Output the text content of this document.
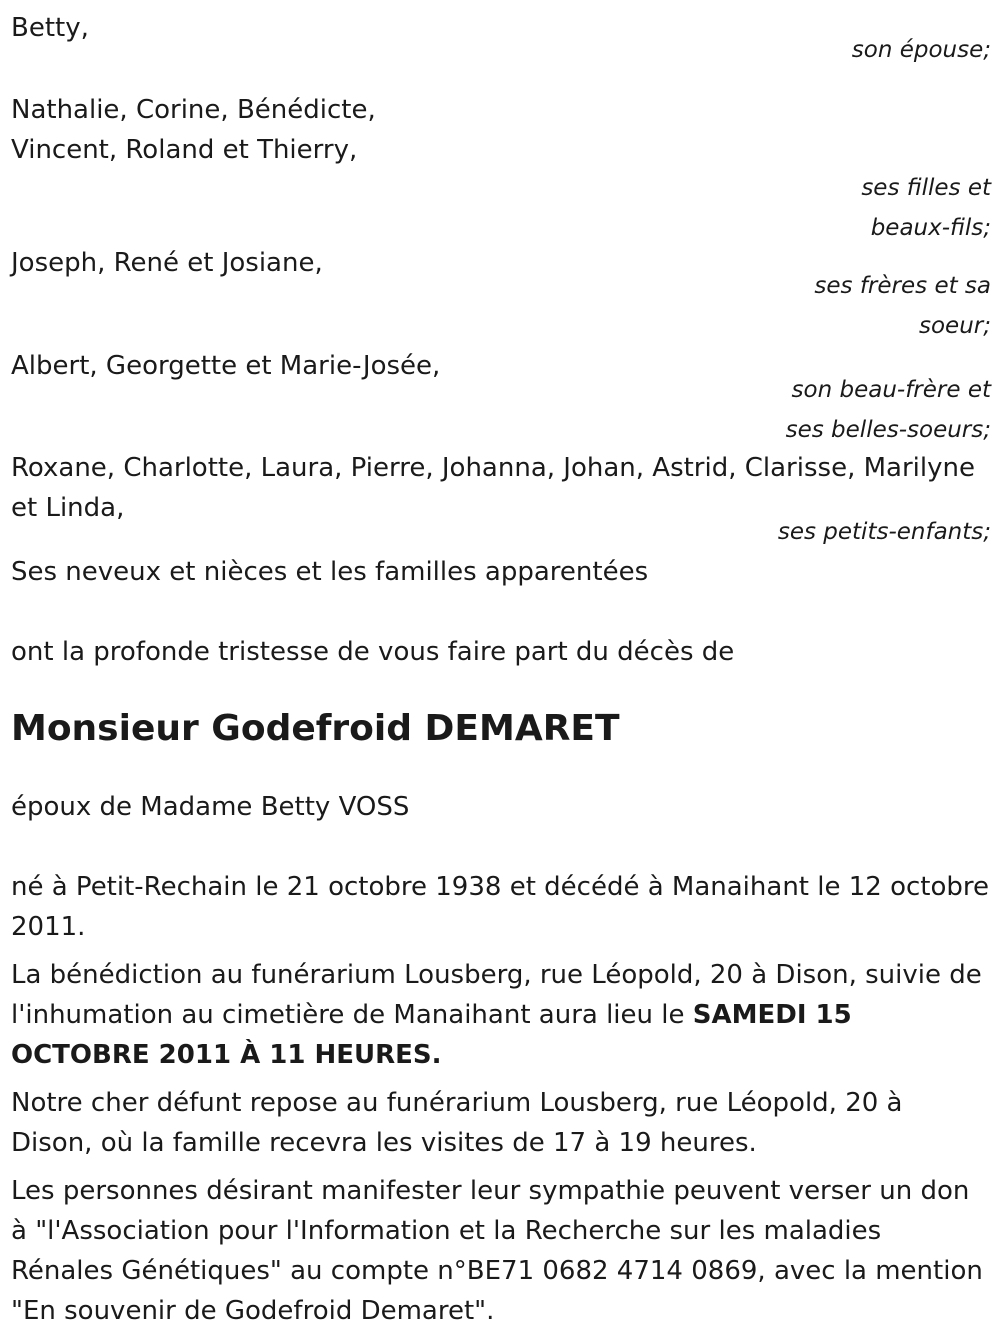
Betty,

son épouse;

Nathalie, Corine, Bénédicte,

Vincent, Roland et Thierry,

ses filles et

beaux-fils;

Joseph, René et Josiane,

ses frères et sa

soeur;

Albert, Georgette et Marie-Josée,

son beau-frère et

ses belles-soeurs;

Roxane, Charlotte, Laura, Pierre, Johanna, Johan, Astrid, Clarisse, Marilyne et Linda,

ses petits-enfants;

Ses neveux et nièces et les familles apparentées

ont la profonde tristesse de vous faire part du décès de

Monsieur Godefroid DEMARET

époux de Madame Betty VOSS

né à Petit-Rechain le 21 octobre 1938 et décédé à Manaihant le 12 octobre 2011.

La bénédiction au funérarium Lousberg, rue Léopold, 20 à Dison, suivie de l'inhumation au cimetière de Manaihant aura lieu le SAMEDI 15 OCTOBRE 2011 À 11 HEURES.

Notre cher défunt repose au funérarium Lousberg, rue Léopold, 20 à Dison, où la famille recevra les visites de 17 à 19 heures.

Les personnes désirant manifester leur sympathie peuvent verser un don à "l'Association pour l'Information et la Recherche sur les maladies Rénales Génétiques" au compte n°BE71 0682 4714 0869, avec la mention "En souvenir de Godefroid Demaret".
